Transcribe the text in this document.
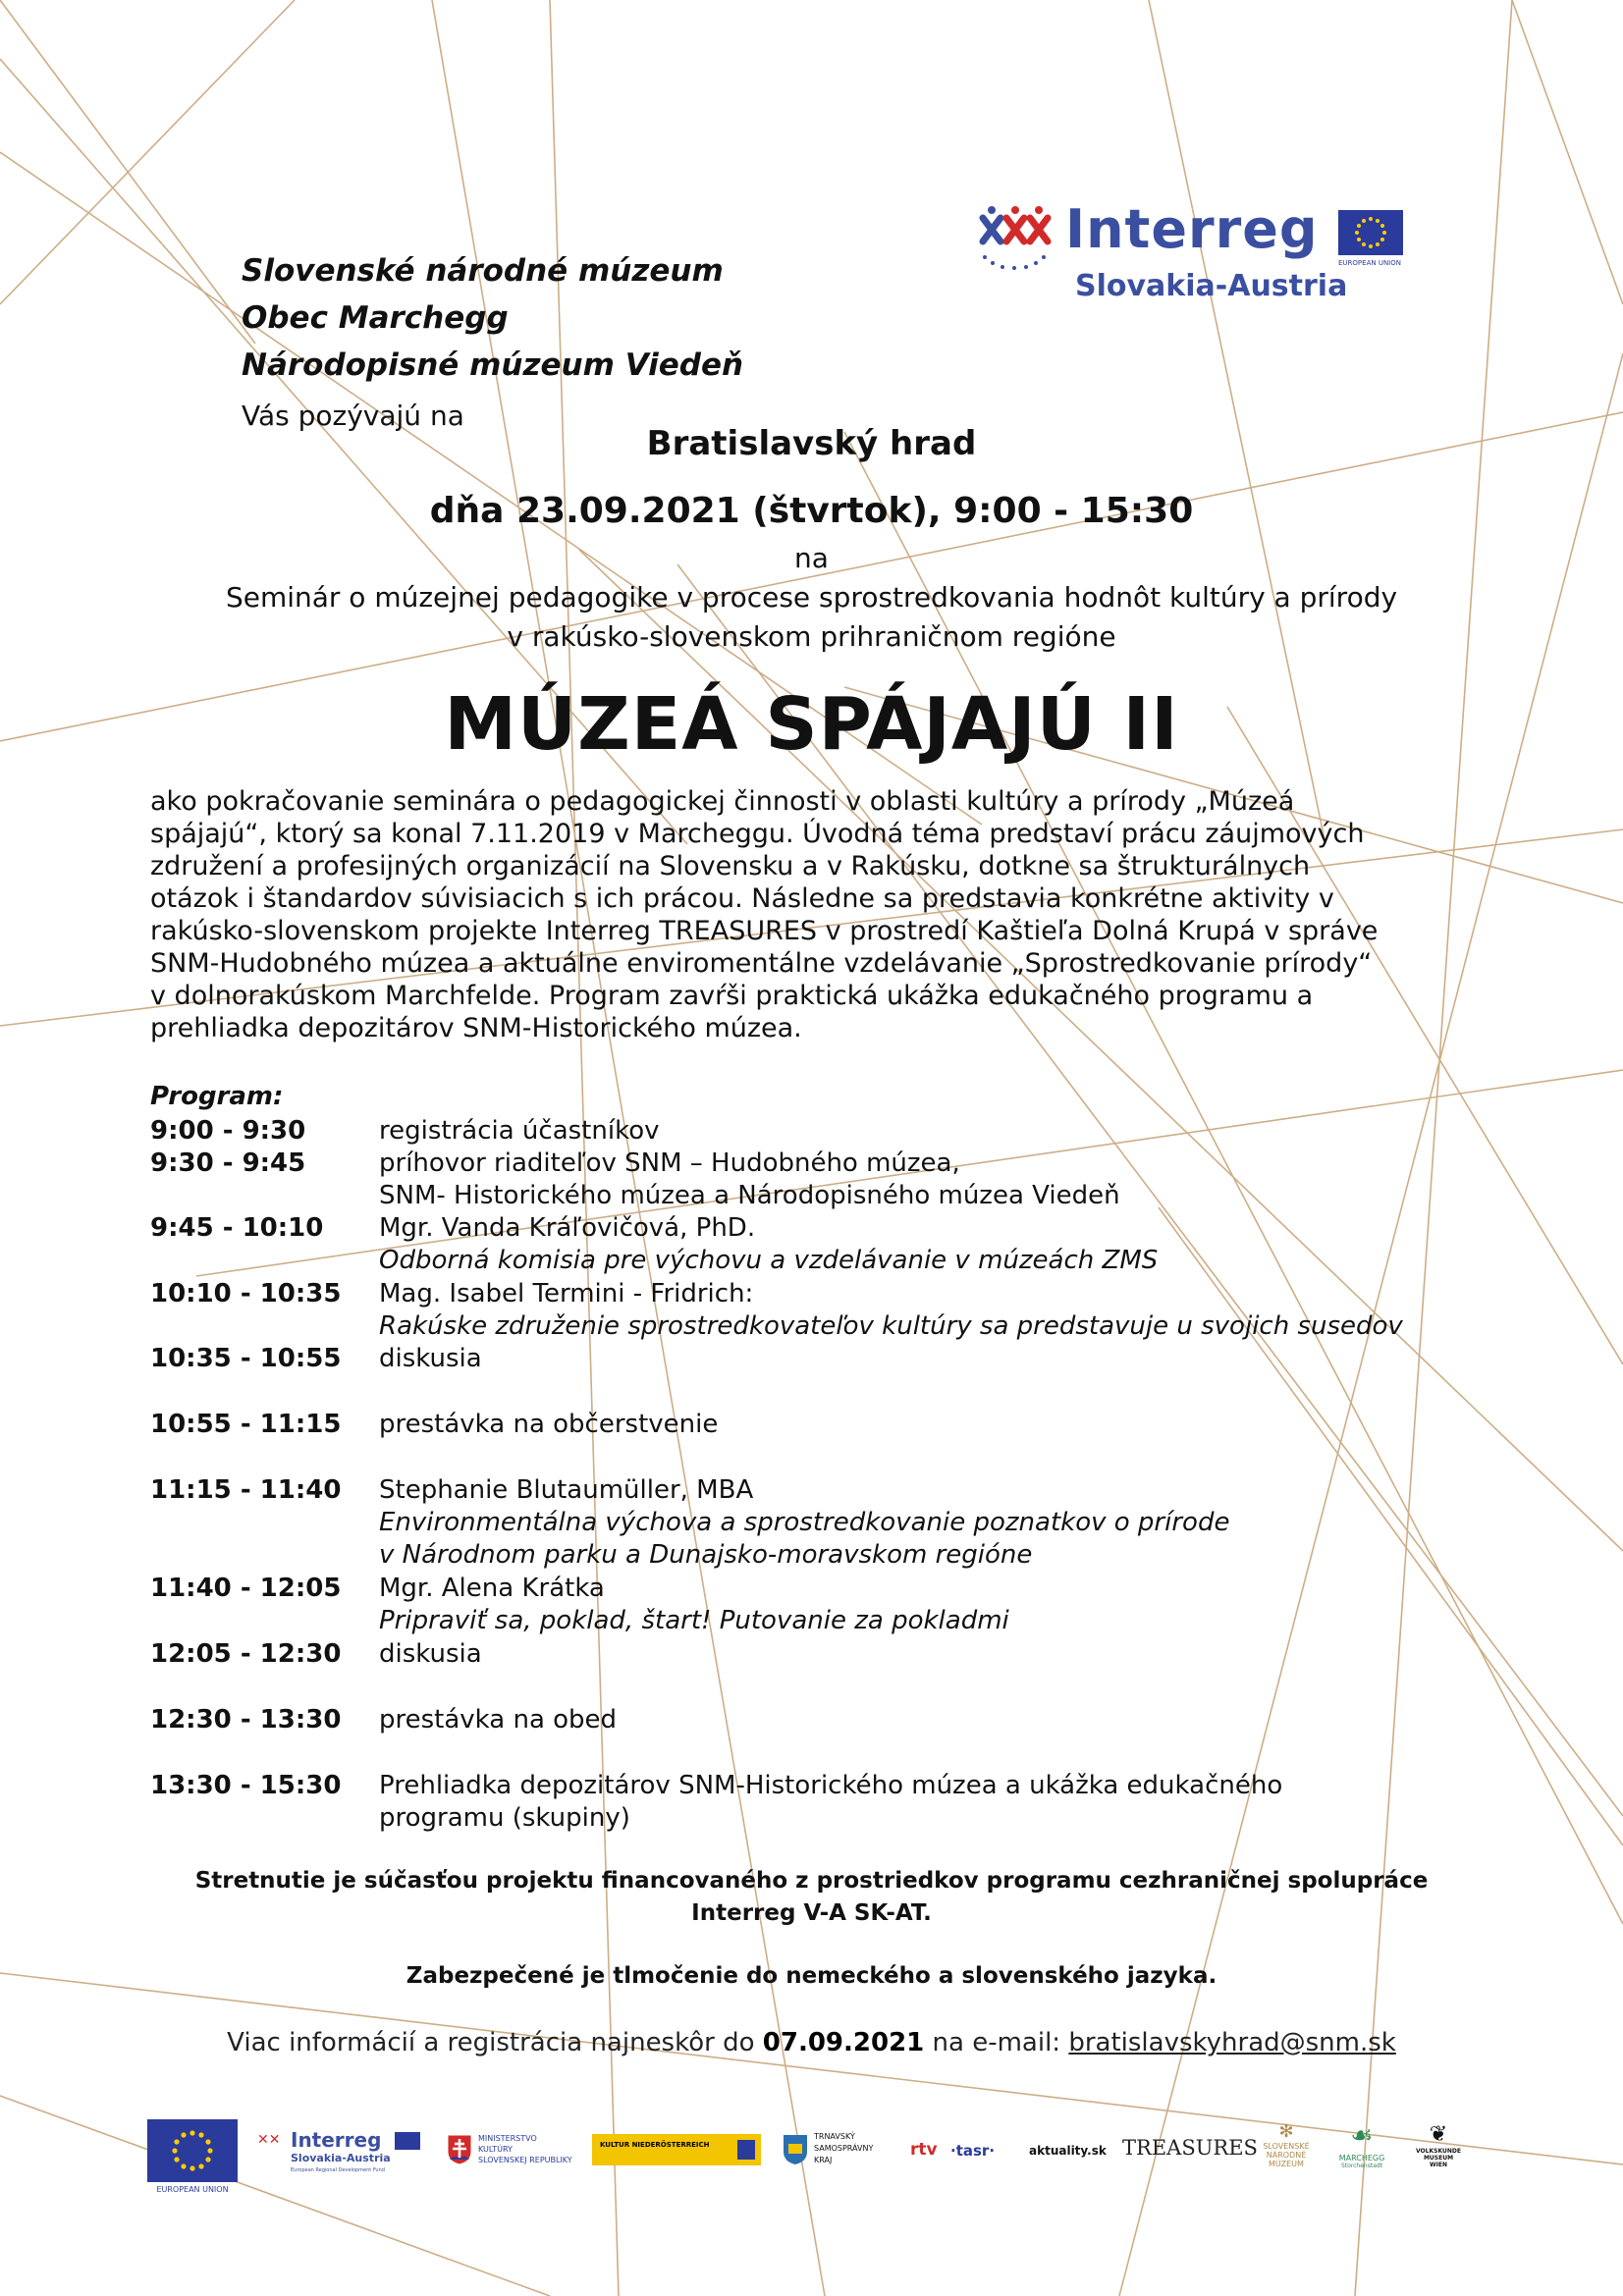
Interreg
Slovakia-Austria
EUROPEAN UNION
Slovenské národné múzeum
Obec Marchegg
Národopisné múzeum Viedeň
Vás pozývajú na
Bratislavský hrad
dňa 23.09.2021 (štvrtok), 9:00 - 15:30
na
Seminár o múzejnej pedagogike v procese sprostredkovania hodnôt kultúry a prírody
v rakúsko-slovenskom prihraničnom regióne
MÚZEÁ SPÁJAJÚ II
ako pokračovanie seminára o pedagogickej činnosti v oblasti kultúry a prírody „Múzeá
spájajú“, ktorý sa konal 7.11.2019 v Marcheggu. Úvodná téma predstaví prácu záujmových
združení a profesijných organizácií na Slovensku a v Rakúsku, dotkne sa štrukturálnych
otázok i štandardov súvisiacich s ich prácou. Následne sa predstavia konkrétne aktivity v
rakúsko-slovenskom projekte Interreg TREASURES v prostredí Kaštieľa Dolná Krupá v správe
SNM-Hudobného múzea a aktuálne enviromentálne vzdelávanie „Sprostredkovanie prírody“
v dolnorakúskom Marchfelde. Program zavŕši praktická ukážka edukačného programu a
prehliadka depozitárov SNM-Historického múzea.
Program:
9:00 - 9:30	registrácia účastníkov
9:30 - 9:45	príhovor riaditeľov SNM – Hudobného múzea,
SNM- Historického múzea a Národopisného múzea Viedeň
9:45 - 10:10 Mgr. Vanda Kráľovičová, PhD.
Odborná komisia pre výchovu a vzdelávanie v múzeách ZMS
10:10 - 10:35 Mag. Isabel Termini - Fridrich:
Rakúske združenie sprostredkovateľov kultúry sa predstavuje u svojich susedov
10:35 - 10:55 diskusia
10:55 - 11:15 prestávka na občerstvenie
11:15 - 11:40 Stephanie Blutaumüller, MBA
Environmentálna výchova a sprostredkovanie poznatkov o prírode
v Národnom parku a Dunajsko-moravskom regióne
11:40 - 12:05 Mgr. Alena Krátka
Pripraviť sa, poklad, štart! Putovanie za pokladmi
12:05 - 12:30 diskusia
12:30 - 13:30 prestávka na obed
13:30 - 15:30 Prehliadka depozitárov SNM-Historického múzea a ukážka edukačného
programu (skupiny)
Stretnutie je súčasťou projektu financovaného z prostriedkov programu cezhraničnej spolupráce
Interreg V-A SK-AT.
Zabezpečené je tlmočenie do nemeckého a slovenského jazyka.
Viac informácií a registrácia najneskôr do 07.09.2021 na e-mail: bratislavskyhrad@snm.sk
EUROPEAN UNION
✕✕ Interreg
Slovakia-Austria
European Regional Development Fund
MINISTERSTVO
KULTÚRY
SLOVENSKEJ REPUBLIKY
KULTUR NIEDERÖSTERREICH
TRNAVSKÝ
SAMOSPRÁVNY
KRAJ
rtv ·tasr·	aktuality.sk TREASURES
✻
SLOVENSKÉ
NÁRODNÉ
MÚZEUM
☙
MARCHEGG
Storchenstadt
❦
VOLKSKUNDE
MUSEUM
WIEN
